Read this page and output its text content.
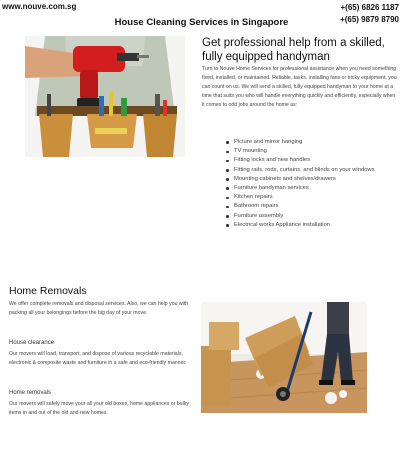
www.nouve.com.sg
House Cleaning Services in Singapore
+(65) 6826 1187
+(65) 9879 8790
Get professional help from a skilled, fully equipped handyman
Turn to Nouve Home Services for professional assistance when you need something fixed, installed, or maintained. Reliable, tasks, installing fans or tricky equipment, you can count on us. We will send a skilled, fully equipped handyman to your home at a time that suits you who will handle everything quickly and efficiently, especially when it comes to odd jobs around the home as:
Picture and mirror hanging
TV mounting
Fitting locks and new handles
Fitting rails, rods, curtains, and blinds on your windows
Mounting cabinets and shelves/drawers
Furniture handyman services
Kitchen repairs
Bathroom repairs
Furniture assembly
Electrical works Appliance installation
Home Removals
We offer complete removals and disposal services. Also, we can help you with packing all your belongings before the big day of your move.
House clearance
Our movers will load, transport, and dispose of various recyclable materials, electronic & composite waste and furniture in a safe and eco-friendly manner.
Home removals
Our movers will safely move your all your old boxes, home appliances or bulky items in and out of the old and new homes.
